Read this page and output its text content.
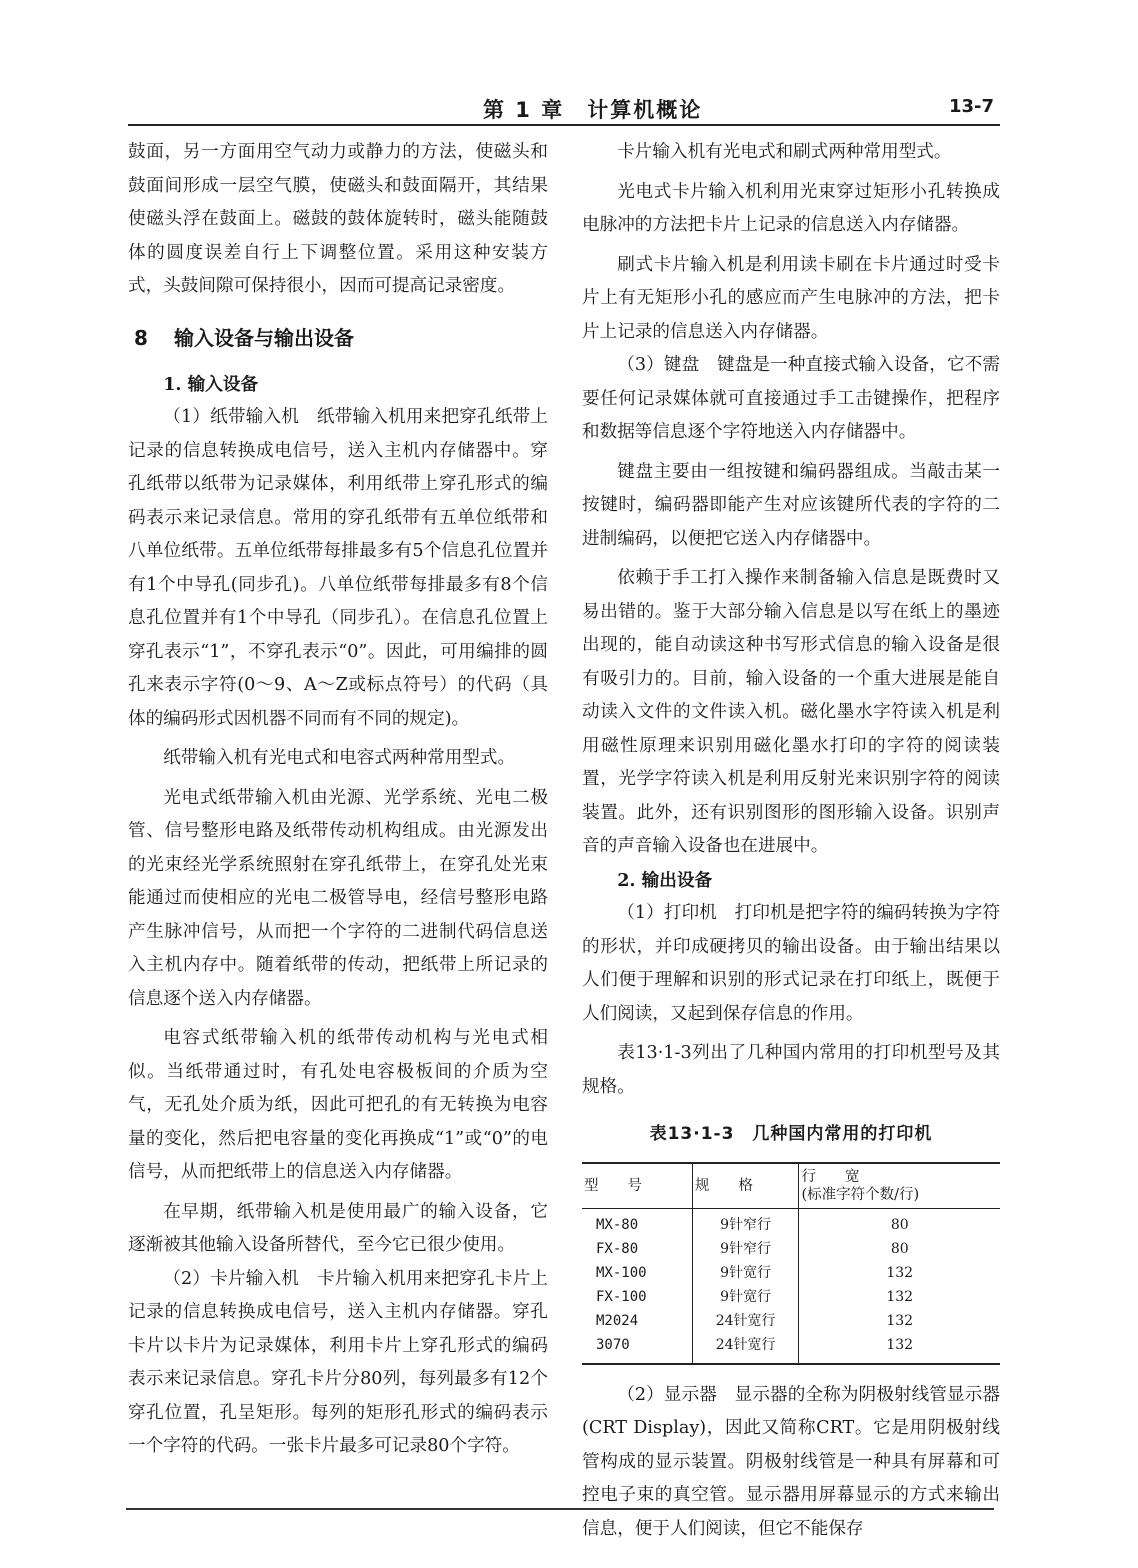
第 1 章　计算机概论	13-7

鼓面，另一方面用空气动力或静力的方法，使磁头和鼓面间形成一层空气膜，使磁头和鼓面隔开，其结果使磁头浮在鼓面上。磁鼓的鼓体旋转时，磁头能随鼓体的圆度误差自行上下调整位置。采用这种安装方式，头鼓间隙可保持很小，因而可提高记录密度。

8 输入设备与输出设备
1. 输入设备

（1）纸带输入机　纸带输入机用来把穿孔纸带上记录的信息转换成电信号，送入主机内存储器中。穿孔纸带以纸带为记录媒体，利用纸带上穿孔形式的编码表示来记录信息。常用的穿孔纸带有五单位纸带和八单位纸带。五单位纸带每排最多有5个信息孔位置并有1个中导孔(同步孔)。八单位纸带每排最多有8个信息孔位置并有1个中导孔（同步孔）。在信息孔位置上穿孔表示“1”，不穿孔表示“0”。因此，可用编排的圆孔来表示字符(0～9、A～Z或标点符号）的代码（具体的编码形式因机器不同而有不同的规定)。

纸带输入机有光电式和电容式两种常用型式。

光电式纸带输入机由光源、光学系统、光电二极管、信号整形电路及纸带传动机构组成。由光源发出的光束经光学系统照射在穿孔纸带上，在穿孔处光束能通过而使相应的光电二极管导电，经信号整形电路产生脉冲信号，从而把一个字符的二进制代码信息送入主机内存中。随着纸带的传动，把纸带上所记录的信息逐个送入内存储器。

电容式纸带输入机的纸带传动机构与光电式相似。当纸带通过时，有孔处电容极板间的介质为空气，无孔处介质为纸，因此可把孔的有无转换为电容量的变化，然后把电容量的变化再换成“1”或“0”的电信号，从而把纸带上的信息送入内存储器。

在早期，纸带输入机是使用最广的输入设备，它逐渐被其他输入设备所替代，至今它已很少使用。

（2）卡片输入机　卡片输入机用来把穿孔卡片上记录的信息转换成电信号，送入主机内存储器。穿孔卡片以卡片为记录媒体，利用卡片上穿孔形式的编码表示来记录信息。穿孔卡片分80列，每列最多有12个穿孔位置，孔呈矩形。每列的矩形孔形式的编码表示一个字符的代码。一张卡片最多可记录80个字符。

卡片输入机有光电式和刷式两种常用型式。

光电式卡片输入机利用光束穿过矩形小孔转换成电脉冲的方法把卡片上记录的信息送入内存储器。

刷式卡片输入机是利用读卡刷在卡片通过时受卡片上有无矩形小孔的感应而产生电脉冲的方法，把卡片上记录的信息送入内存储器。

（3）键盘　键盘是一种直接式输入设备，它不需要任何记录媒体就可直接通过手工击键操作，把程序和数据等信息逐个字符地送入内存储器中。

键盘主要由一组按键和编码器组成。当敲击某一按键时，编码器即能产生对应该键所代表的字符的二进制编码，以便把它送入内存储器中。

依赖于手工打入操作来制备输入信息是既费时又易出错的。鉴于大部分输入信息是以写在纸上的墨迹出现的，能自动读这种书写形式信息的输入设备是很有吸引力的。目前，输入设备的一个重大进展是能自动读入文件的文件读入机。磁化墨水字符读入机是利用磁性原理来识别用磁化墨水打印的字符的阅读装置，光学字符读入机是利用反射光来识别字符的阅读装置。此外，还有识别图形的图形输入设备。识别声音的声音输入设备也在进展中。

2. 输出设备

（1）打印机　打印机是把字符的编码转换为字符的形状，并印成硬拷贝的输出设备。由于输出结果以人们便于理解和识别的形式记录在打印纸上，既便于人们阅读，又起到保存信息的作用。

表13·1-3列出了几种国内常用的打印机型号及其规格。

表13·1-3　几种国内常用的打印机
型　　号	规　　格	行　　宽
(标准字符个数/行)

MX-80	9针窄行	80
FX-80	9针窄行	80
MX-100	9针宽行	132
FX-100	9针宽行	132
M2024	24针宽行	132
3070	24针宽行	132

（2）显示器　显示器的全称为阴极射线管显示器(CRT Display)，因此又简称CRT。它是用阴极射线管构成的显示装置。阴极射线管是一种具有屏幕和可控电子束的真空管。显示器用屏幕显示的方式来输出信息，便于人们阅读，但它不能保存
